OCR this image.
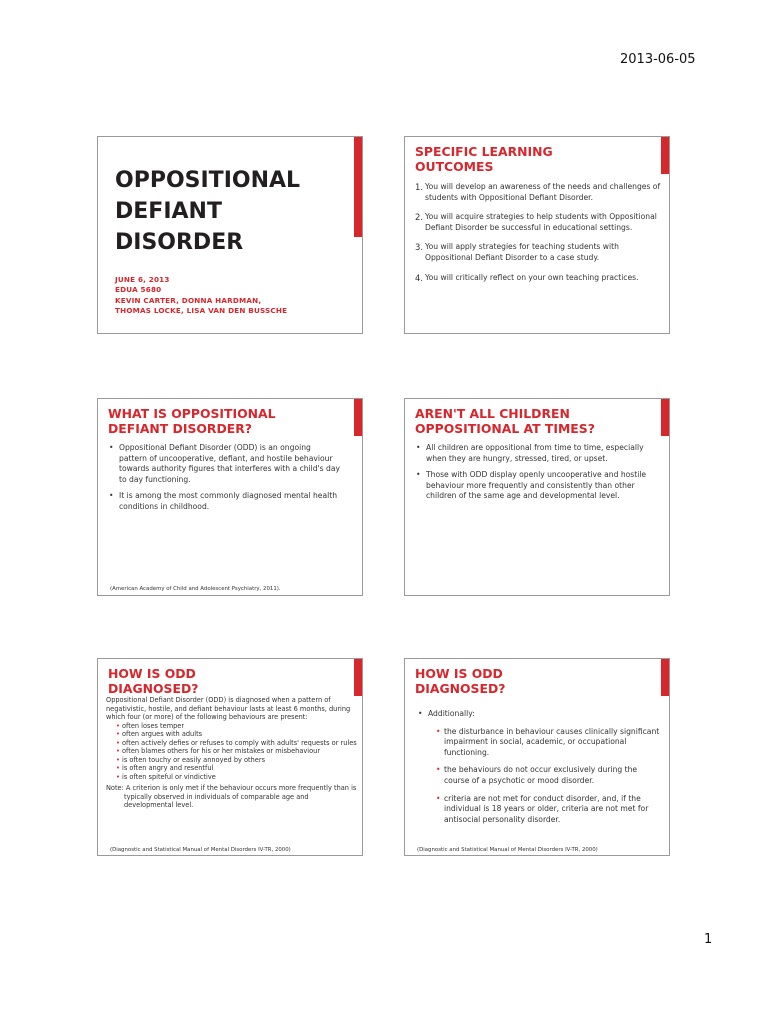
2013-06-05
OPPOSITIONAL
DEFIANT
DISORDER
JUNE 6, 2013
EDUA 5680
KEVIN CARTER, DONNA HARDMAN,
THOMAS LOCKE, LISA VAN DEN BUSSCHE
SPECIFIC LEARNING
OUTCOMES
1. You will develop an awareness of the needs and challenges of students with Oppositional Defiant Disorder.
2. You will acquire strategies to help students with Oppositional Defiant Disorder be successful in educational settings.
3. You will apply strategies for teaching students with Oppositional Defiant Disorder to a case study.
4. You will critically reflect on your own teaching practices.
WHAT IS OPPOSITIONAL
DEFIANT DISORDER?
• Oppositional Defiant Disorder (ODD) is an ongoing pattern of uncooperative, defiant, and hostile behaviour towards authority figures that interferes with a child's day to day functioning.
• It is among the most commonly diagnosed mental health conditions in childhood.
(American Academy of Child and Adolescent Psychiatry, 2011).
AREN'T ALL CHILDREN
OPPOSITIONAL AT TIMES?
• All children are oppositional from time to time, especially when they are hungry, stressed, tired, or upset.
• Those with ODD display openly uncooperative and hostile behaviour more frequently and consistently than other children of the same age and developmental level.
HOW IS ODD
DIAGNOSED?

Oppositional Defiant Disorder (ODD) is diagnosed when a pattern of negativistic, hostile, and defiant behaviour lasts at least 6 months, during which four (or more) of the following behaviours are present:

• often loses temper
• often argues with adults
• often actively defies or refuses to comply with adults' requests or rules
• often blames others for his or her mistakes or misbehaviour
• is often touchy or easily annoyed by others
• is often angry and resentful
• is often spiteful or vindictive

Note: A criterion is only met if the behaviour occurs more frequently than is typically observed in individuals of comparable age and developmental level.

(Diagnostic and Statistical Manual of Mental Disorders IV-TR, 2000)
HOW IS ODD
DIAGNOSED?
• Additionally:
• the disturbance in behaviour causes clinically significant impairment in social, academic, or occupational functioning.
• the behaviours do not occur exclusively during the course of a psychotic or mood disorder.
• criteria are not met for conduct disorder, and, if the individual is 18 years or older, criteria are not met for antisocial personality disorder.
(Diagnostic and Statistical Manual of Mental Disorders IV-TR, 2000)
1
